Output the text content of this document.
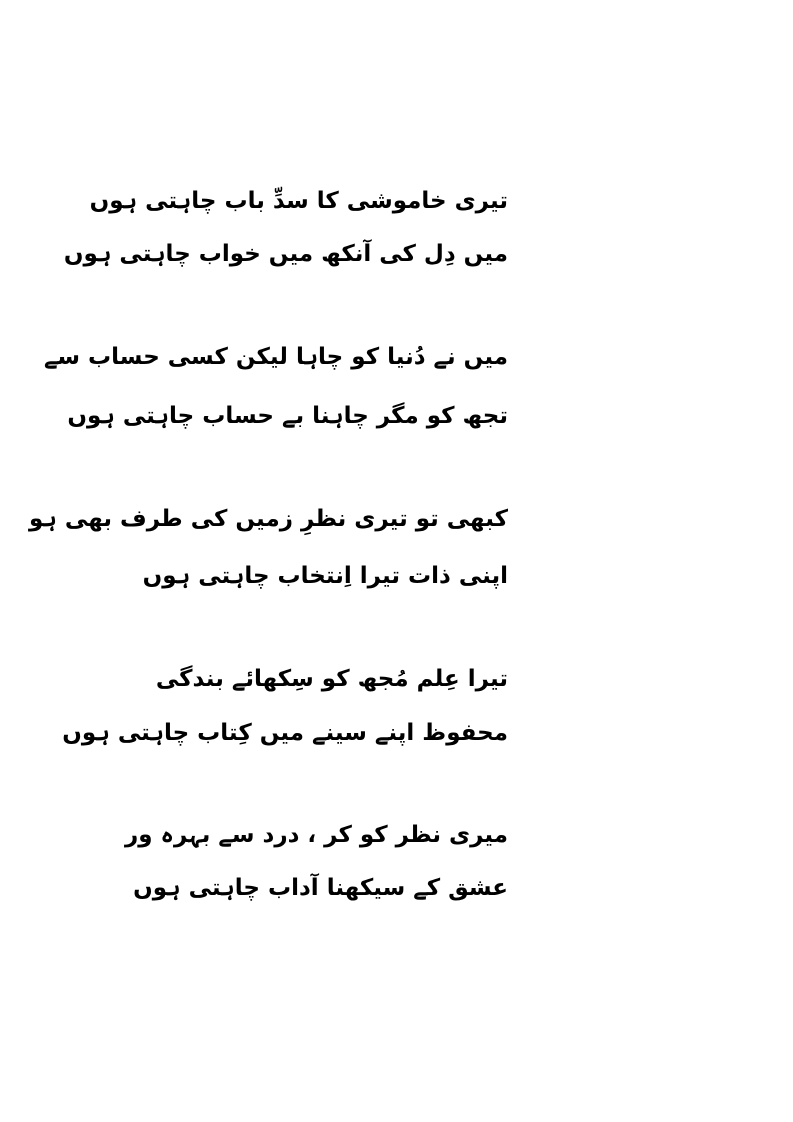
تیری خاموشی کا سدِّ باب چاہتی ہوں
میں دِل کی آنکھ میں خواب چاہتی ہوں
میں نے دُنیا کو چاہا لیکن کسی حساب سے
تجھ کو مگر چاہنا بے حساب چاہتی ہوں
کبھی تو تیری نظرِ زمیں کی طرف بھی ہو
اپنی ذات تیرا اِنتخاب چاہتی ہوں
تیرا عِلم مُجھ کو سِکھائے بندگی
محفوظ اپنے سینے میں کِتاب چاہتی ہوں
میری نظر کو کر ، درد سے بہرہ ور
عشق کے سیکھنا آداب چاہتی ہوں
